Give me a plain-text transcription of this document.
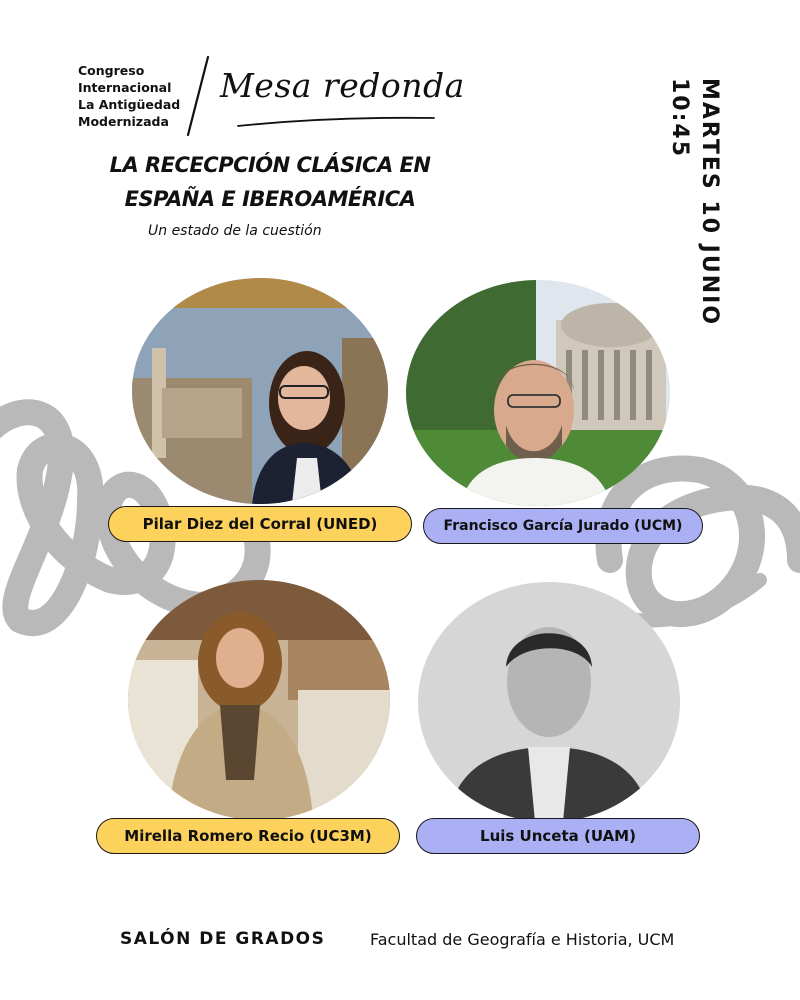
Congreso
Internacional
La Antigüedad
Modernizada
Mesa redonda
LA RECECPCIÓN CLÁSICA EN
ESPAÑA E IBEROAMÉRICA
Un estado de la cuestión	MARTES 10 JUNIO
10:45
Pilar Diez del Corral (UNED)	Francisco García Jurado (UCM)
Mirella Romero Recio (UC3M)	Luis Unceta (UAM)
SALÓN DE GRADOS	Facultad de Geografía e Historia, UCM
